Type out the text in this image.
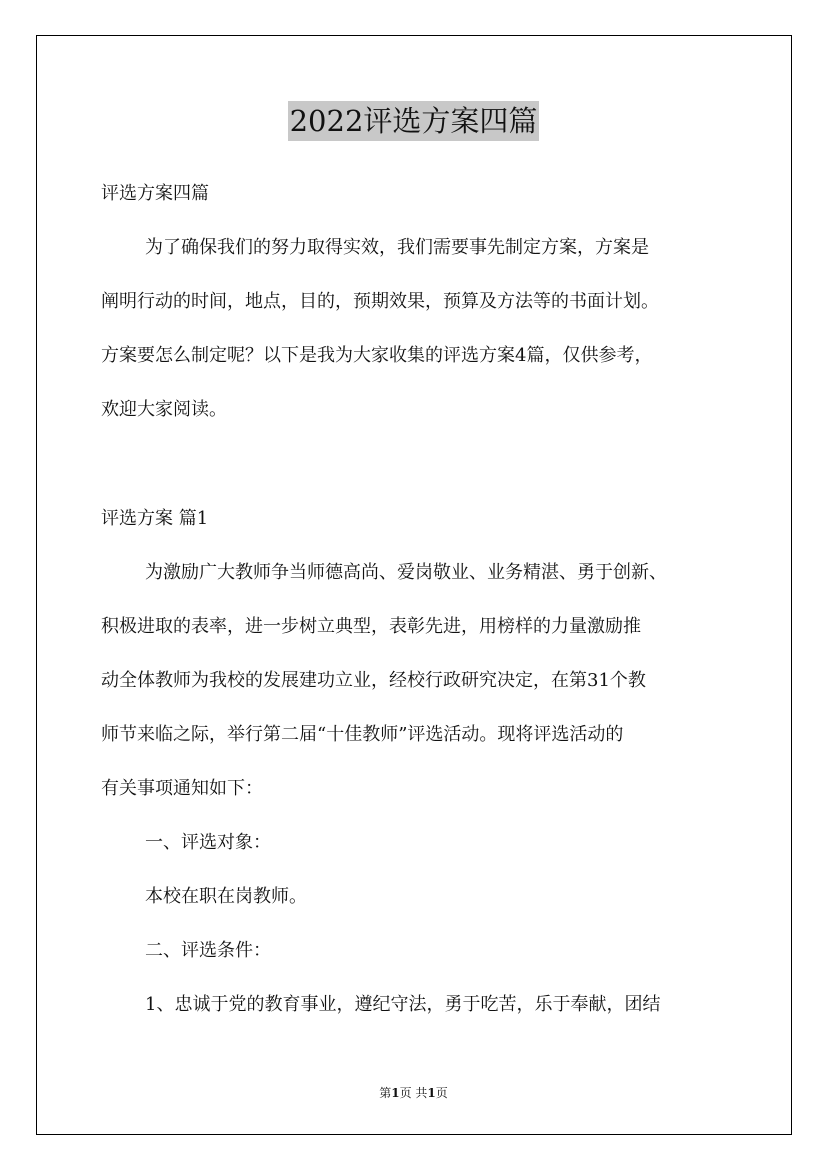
2022评选方案四篇
评选方案四篇
为了确保我们的努力取得实效，我们需要事先制定方案，方案是
阐明行动的时间，地点，目的，预期效果，预算及方法等的书面计划。
方案要怎么制定呢？以下是我为大家收集的评选方案4篇，仅供参考，
欢迎大家阅读。
评选方案 篇1
为激励广大教师争当师德高尚、爱岗敬业、业务精湛、勇于创新、
积极进取的表率，进一步树立典型，表彰先进，用榜样的力量激励推
动全体教师为我校的发展建功立业，经校行政研究决定，在第31个教
师节来临之际，举行第二届“十佳教师”评选活动。现将评选活动的
有关事项通知如下：
一、评选对象：
本校在职在岗教师。
二、评选条件：
1、忠诚于党的教育事业，遵纪守法，勇于吃苦，乐于奉献，团结
第1页 共1页
